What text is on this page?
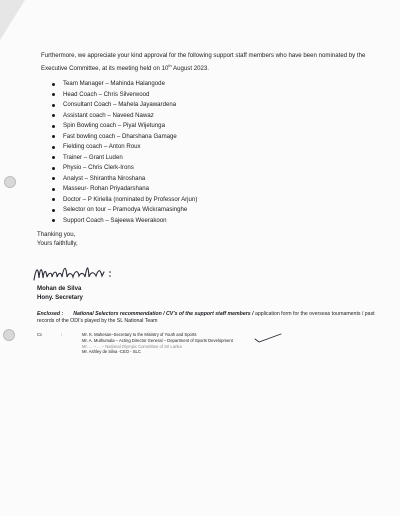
Furthermore, we appreciate your kind approval for the following support staff members who have been nominated by the Executive Committee, at its meeting held on 10th August 2023.

Team Manager – Mahinda Halangode
Head Coach – Chris Silverwood
Consultant Coach – Mahela Jayawardena
Assistant coach – Naveed Nawaz
Spin Bowling coach – Piyal Wijetunga
Fast bowling coach – Dharshana Gamage
Fielding coach – Anton Roux
Trainer – Grant Luden
Physio – Chris Clerk-Irons
Analyst – Shirantha Niroshana
Masseur- Rohan Priyadarshana
Doctor – P Kiriella (nominated by Professor Arjun)
Selector on tour – Pramodya Wickramasinghe
Support Coach – Sajeewa Weerakoon
Thanking you,
Yours faithfully,
Mohan de Silva
Hony. Secretary
Enclosed : National Selectors recommendation / CV’s of the support staff members / application form for the overseas tournaments / past records of the ODI’s played by the SL National Team
Cc	:	Mr. K. Mahesan–Secretary to the Ministry of Youth and Sports
Mr. A. Muthumala – Acting Director General – Department of Sports Development
Mr. ... – ... – National Olympic Committee of Sri Lanka
Mr. Ashley de Silva -CEO - SLC
